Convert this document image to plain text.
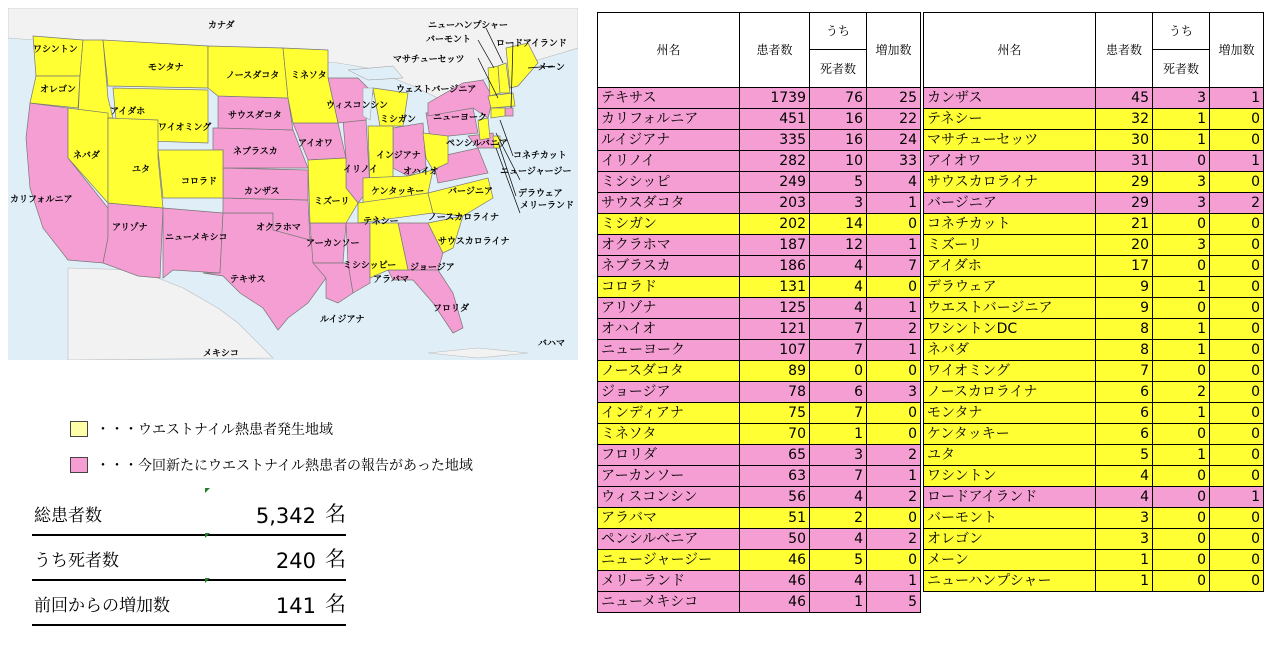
カナダ
ワシントン
モンタナ
ノースダコタ ミネソタ
オレゴン
アイダホ
ワイオミング
サウスダコタ
ウィスコンシン
ミシガン
ネバダ
ユタ
コロラド
ネブラスカ
アイオワ
イリノイ
インジアナ
オハイオ
カリフォルニア
カンザス
ミズーリ
ケンタッキー
アリゾナ
ニューメキシコ
オクラホマ
アーカンソー
テネシー
ミシシッピー
アラバマ
ジョージア
テキサス
ルイジアナ
フロリダ
メキシコ
バハマ
ニューハンプシャー
バーモント	ロードアイランド
マサチューセッツ
メーン
ウェストバージニア
ニューヨーク
ペンシルバニア
コネチカット
ニュージャージー
バージニア	デラウェア
メリーランド
ノースカロライナ
サウスカロライナ
・・・ウエストナイル熱患者発生地域
・・・今回新たにウエストナイル熱患者の報告があった地域
総患者数	5,342 名
うち死者数	240 名
前回からの増加数	141 名
州名	患者数	うち	増加数
		死者数	
テキサス	1739	76	25
カリフォルニア	451	16	22
ルイジアナ	335	16	24
イリノイ	282	10	33
ミシシッピ	249	5	4
サウスダコタ	203	3	1
ミシガン	202	14	0
オクラホマ	187	12	1
ネブラスカ	186	4	7
コロラド	131	4	0
アリゾナ	125	4	1
オハイオ	121	7	2
ニューヨーク	107	7	1
ノースダコタ	89	0	0
ジョージア	78	6	3
インディアナ	75	7	0
ミネソタ	70	1	0
フロリダ	65	3	2
アーカンソー	63	7	1
ウィスコンシン	56	4	2
アラバマ	51	2	0
ペンシルベニア	50	4	2
ニュージャージー	46	5	0
メリーランド	46	4	1
ニューメキシコ	46	1	5
州名	患者数	うち	増加数
		死者数	
カンザス	45	3	1
テネシー	32	1	0
マサチューセッツ	30	1	0
アイオワ	31	0	1
サウスカロライナ	29	3	0
バージニア	29	3	2
コネチカット	21	0	0
ミズーリ	20	3	0
アイダホ	17	0	0
デラウェア	9	1	0
ウエストバージニア	9	0	0
ワシントンDC	8	1	0
ネバダ	8	1	0
ワイオミング	7	0	0
ノースカロライナ	6	2	0
モンタナ	6	1	0
ケンタッキー	6	0	0
ユタ	5	1	0
ワシントン	4	0	0
ロードアイランド	4	0	1
バーモント	3	0	0
オレゴン	3	0	0
メーン	1	0	0
ニューハンプシャー	1	0	0
